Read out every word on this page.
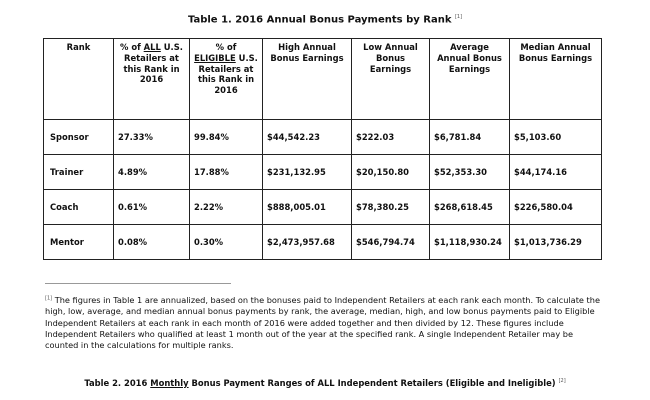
Table 1. 2016 Annual Bonus Payments by Rank [1]
Rank	% of ALL U.S. Retailers at this Rank in 2016	% of ELIGIBLE U.S. Retailers at this Rank in 2016	High Annual Bonus Earnings	Low Annual Bonus Earnings	Average Annual Bonus Earnings	Median Annual Bonus Earnings
Sponsor	27.33%	99.84%	$44,542.23	$222.03	$6,781.84	$5,103.60
Trainer	4.89%	17.88%	$231,132.95	$20,150.80	$52,353.30	$44,174.16
Coach	0.61%	2.22%	$888,005.01	$78,380.25	$268,618.45	$226,580.04
Mentor	0.08%	0.30%	$2,473,957.68	$546,794.74	$1,118,930.24	$1,013,736.29
[1] The figures in Table 1 are annualized, based on the bonuses paid to Independent Retailers at each rank each month. To calculate the high, low, average, and median annual bonus payments by rank, the average, median, high, and low bonus payments paid to Eligible Independent Retailers at each rank in each month of 2016 were added together and then divided by 12. These figures include Independent Retailers who qualified at least 1 month out of the year at the specified rank. A single Independent Retailer may be counted in the calculations for multiple ranks.
Table 2. 2016 Monthly Bonus Payment Ranges of ALL Independent Retailers (Eligible and Ineligible) [2]
